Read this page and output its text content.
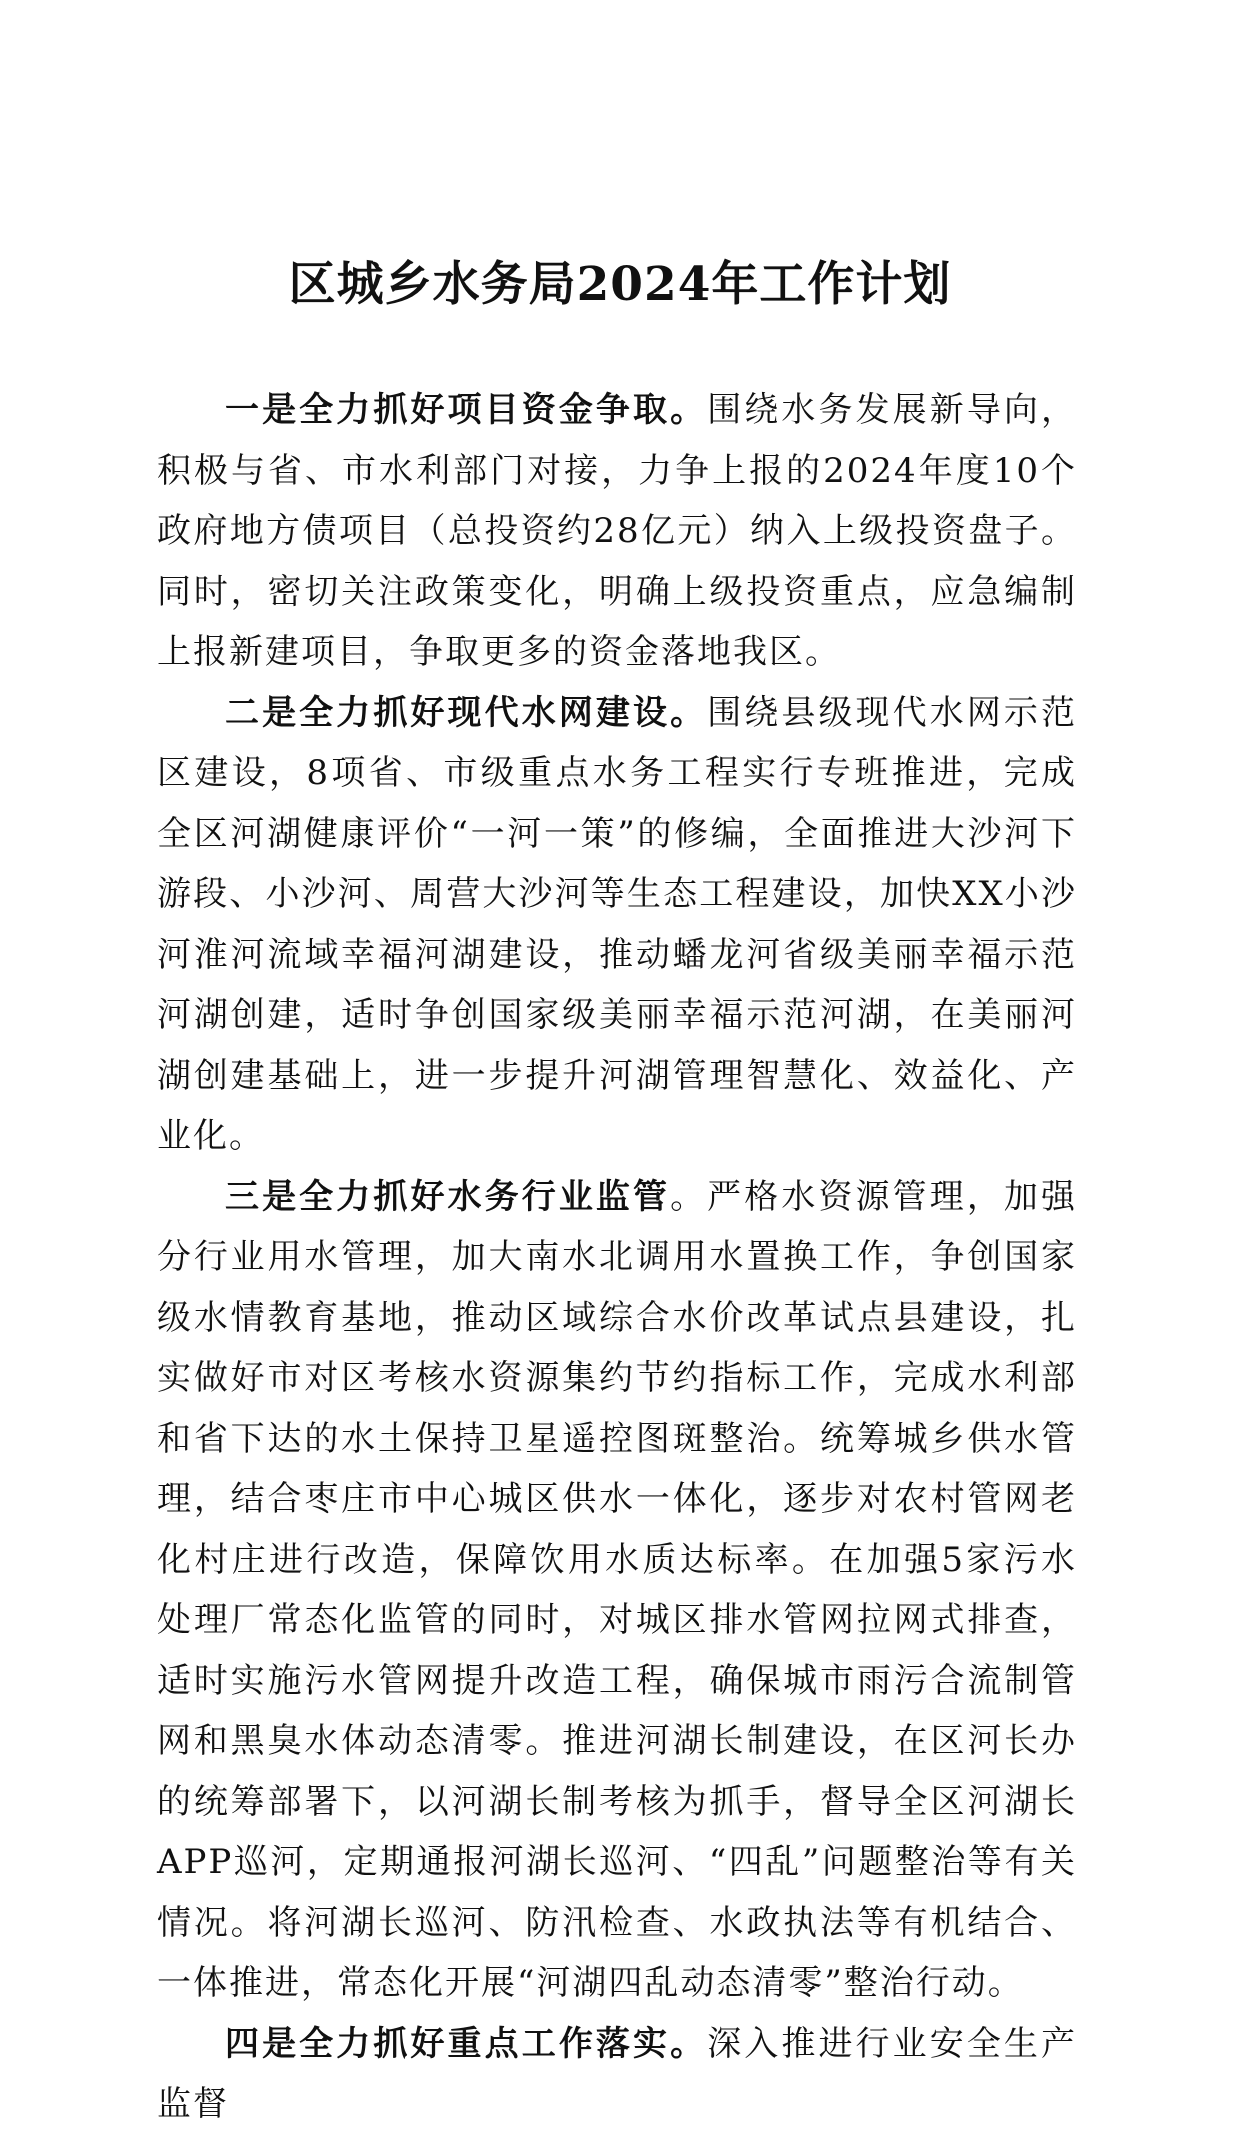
区城乡水务局2024年工作计划

一是全力抓好项目资金争取。围绕水务发展新导向，积极与省、市水利部门对接，力争上报的2024年度10个政府地方债项目（总投资约28亿元）纳入上级投资盘子。同时，密切关注政策变化，明确上级投资重点，应急编制上报新建项目，争取更多的资金落地我区。

二是全力抓好现代水网建设。围绕县级现代水网示范区建设，8项省、市级重点水务工程实行专班推进，完成全区河湖健康评价“一河一策”的修编，全面推进大沙河下游段、小沙河、周营大沙河等生态工程建设，加快XX小沙河淮河流域幸福河湖建设，推动蟠龙河省级美丽幸福示范河湖创建，适时争创国家级美丽幸福示范河湖，在美丽河湖创建基础上，进一步提升河湖管理智慧化、效益化、产业化。

三是全力抓好水务行业监管。严格水资源管理，加强分行业用水管理，加大南水北调用水置换工作，争创国家级水情教育基地，推动区域综合水价改革试点县建设，扎实做好市对区考核水资源集约节约指标工作，完成水利部和省下达的水土保持卫星遥控图斑整治。统筹城乡供水管理，结合枣庄市中心城区供水一体化，逐步对农村管网老化村庄进行改造，保障饮用水质达标率。在加强5家污水处理厂常态化监管的同时，对城区排水管网拉网式排查，适时实施污水管网提升改造工程，确保城市雨污合流制管网和黑臭水体动态清零。推进河湖长制建设，在区河长办的统筹部署下，以河湖长制考核为抓手，督导全区河湖长APP巡河，定期通报河湖长巡河、“四乱”问题整治等有关情况。将河湖长巡河、防汛检查、水政执法等有机结合、一体推进，常态化开展“河湖四乱动态清零”整治行动。

四是全力抓好重点工作落实。深入推进行业安全生产监督
